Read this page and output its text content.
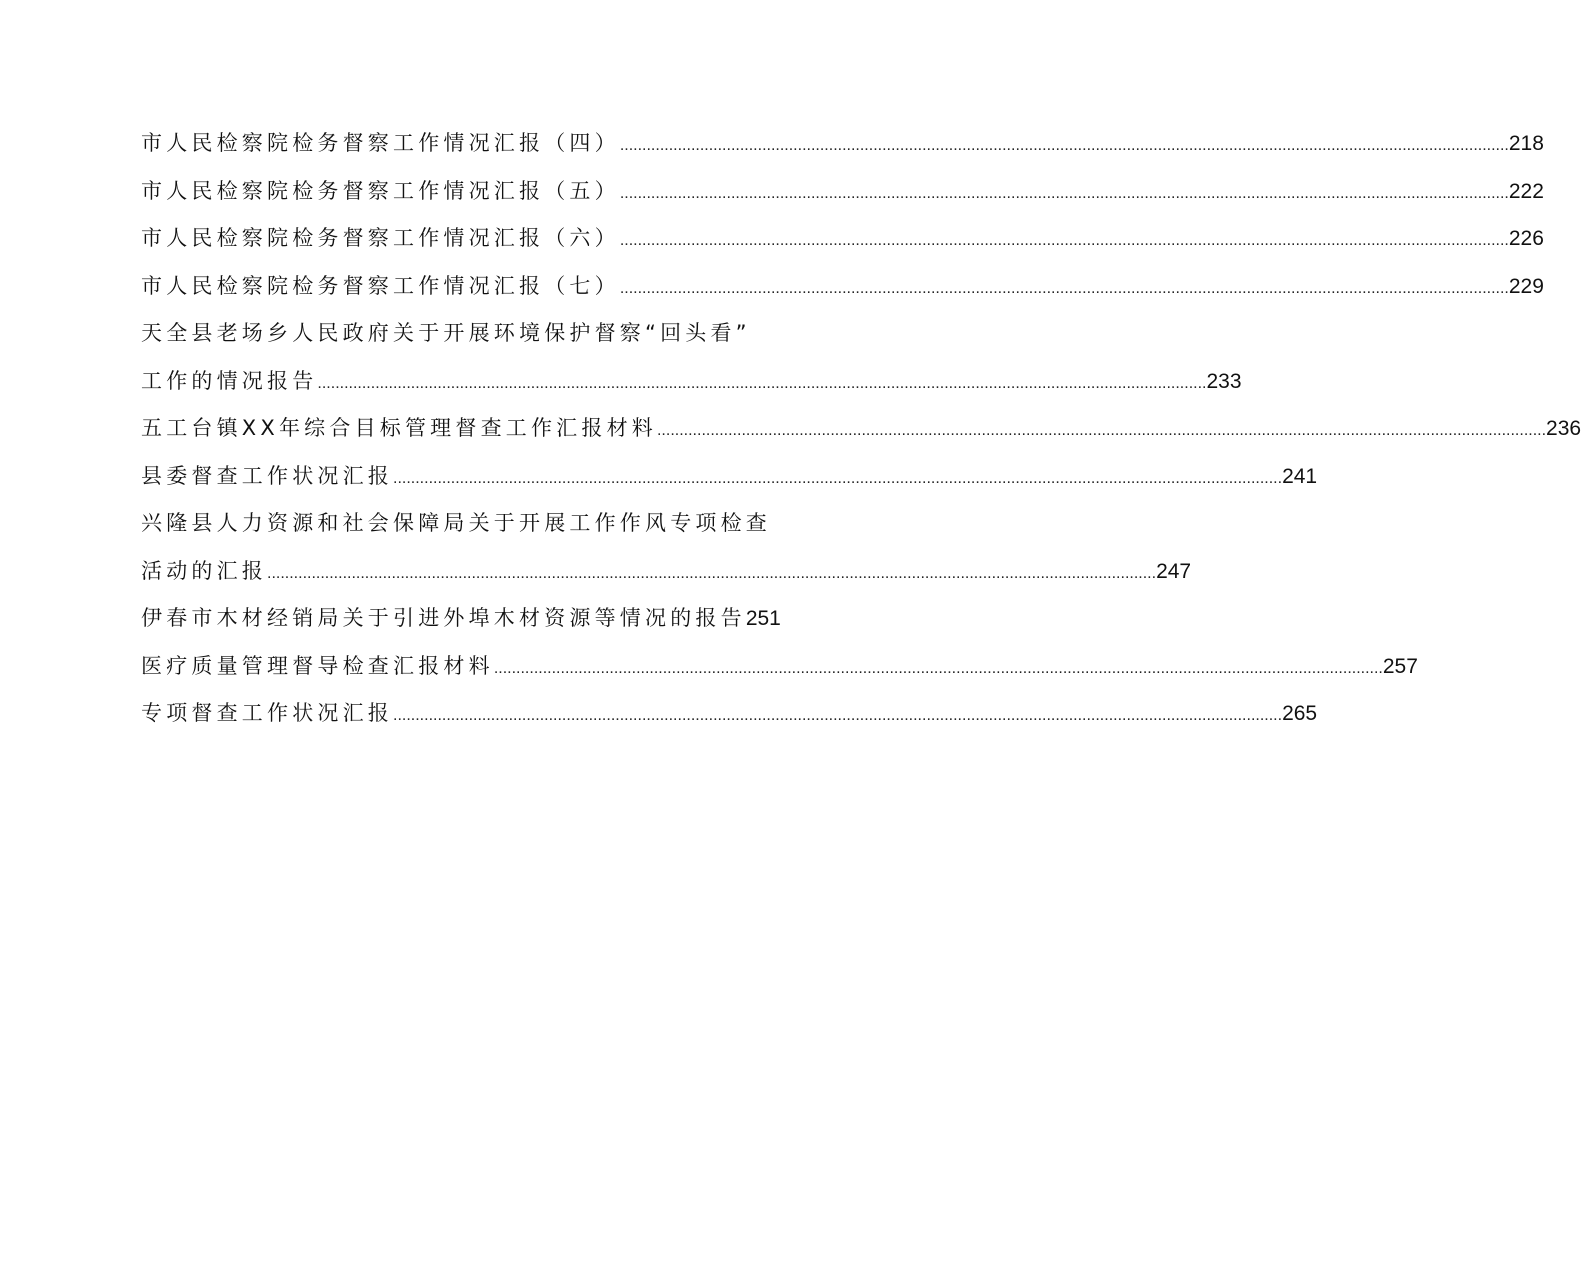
市人民检察院检务督察工作情况汇报（四） .....	218
市人民检察院检务督察工作情况汇报（五） .....	222
市人民检察院检务督察工作情况汇报（六） .....	226
市人民检察院检务督察工作情况汇报（七） .....	229
天全县老场乡人民政府关于开展环境保护督察“回头看”
工作的情况报告 .....	233
五工台镇XX年综合目标管理督查工作汇报材料 .....	236
县委督查工作状况汇报 .....	241
兴隆县人力资源和社会保障局关于开展工作作风专项检查
活动的汇报 .....	247
伊春市木材经销局关于引进外埠木材资源等情况的报告 251
医疗质量管理督导检查汇报材料 .....	257
专项督查工作状况汇报 .....	265
